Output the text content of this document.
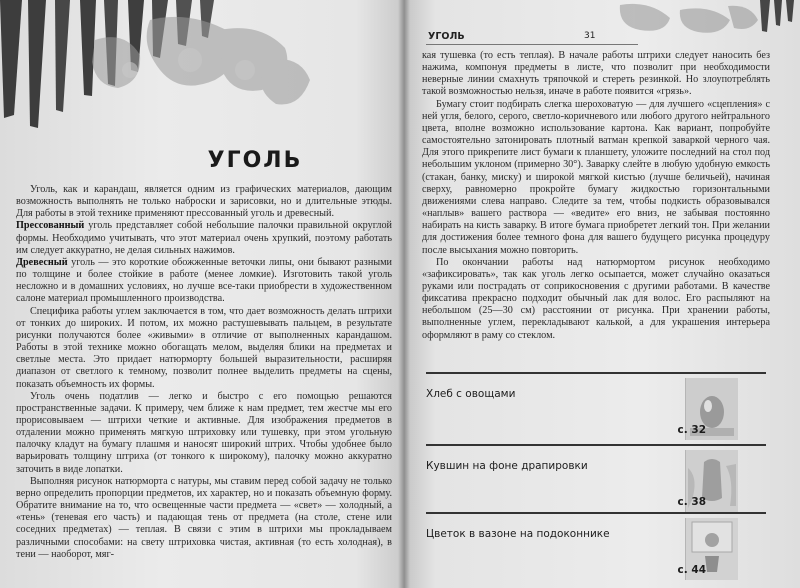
УГОЛЬ

Уголь, как и карандаш, является одним из графических материалов, дающим возможность выполнять не только наброски и зарисовки, но и длительные этюды. Для работы в этой технике применяют прессованный уголь и древесный.

Прессованный уголь представляет собой небольшие палочки правильной округлой формы. Необходимо учитывать, что этот материал очень хрупкий, поэтому работать им следует аккуратно, не делая сильных нажимов.

Древесный уголь — это короткие обожженные веточки липы, они бывают разными по толщине и более стойкие в работе (менее ломкие). Изготовить такой уголь несложно и в домашних условиях, но лучше все-таки приобрести в художественном салоне материал промышленного производства.

Специфика работы углем заключается в том, что дает возможность делать штрихи от тонких до широких. И потом, их можно растушевывать пальцем, в результате рисунки получаются более «живыми» в отличие от выполненных карандашом. Работы в этой технике можно обогащать мелом, выделяя блики на предметах и светлые места. Это придает натюрморту большей выразительности, расширяя диапазон от светлого к темному, позволит полнее выделить предметы на сцены, показать объемность их формы.

Уголь очень податлив — легко и быстро с его помощью решаются пространственные задачи. К примеру, чем ближе к нам предмет, тем жестче мы его прорисовываем — штрихи четкие и активные. Для изображения предметов в отдалении можно применять мягкую штриховку или тушевку, при этом угольную палочку кладут на бумагу плашмя и наносят широкий штрих. Чтобы удобнее было варьировать толщину штриха (от тонкого к широкому), палочку можно аккуратно заточить в виде лопатки.

Выполняя рисунок натюрморта с натуры, мы ставим перед собой задачу не только верно определить пропорции предметов, их характер, но и показать объемную форму. Обратите внимание на то, что освещенные части предмета — «свет» — холодный, а «тень» (теневая его часть) и падающая тень от предмета (на столе, стене или соседних предметах) — теплая. В связи с этим в штрихи мы прокладываем различными способами: на свету штриховка чистая, активная (то есть холодная), в тени — наоборот, мяг-

УГОЛЬ	31

кая тушевка (то есть теплая). В начале работы штрихи следует наносить без нажима, компонуя предметы в листе, что позволит при необходимости неверные линии смахнуть тряпочкой и стереть резинкой. Но злоупотреблять такой возможностью нельзя, иначе в работе появится «грязь».

Бумагу стоит подбирать слегка шероховатую — для лучшего «сцепления» с ней угля, белого, серого, светло-коричневого или любого другого нейтрального цвета, вполне возможно использование картона. Как вариант, попробуйте самостоятельно затонировать плотный ватман крепкой заваркой черного чая. Для этого прикрепите лист бумаги к планшету, уложите последний на стол под небольшим уклоном (примерно 30°). Заварку слейте в любую удобную емкость (стакан, банку, миску) и широкой мягкой кистью (лучше беличьей), начиная сверху, равномерно прокройте бумагу жидкостью горизонтальными движениями слева направо. Следите за тем, чтобы подкисть образовывался «наплыв» вашего раствора — «ведите» его вниз, не забывая постоянно набирать на кисть заварку. В итоге бумага приобретет легкий тон. При желании для достижения более темного фона для вашего будущего рисунка процедуру после высыхания можно повторить.

По окончании работы над натюрмортом рисунок необходимо «зафиксировать», так как уголь легко осыпается, может случайно оказаться руками или пострадать от соприкосновения с другими работами. В качестве фиксатива прекрасно подходит обычный лак для волос. Его распыляют на небольшом (25—30 см) расстоянии от рисунка. При хранении работы, выполненные углем, перекладывают калькой, а для украшения интерьера оформляют в раму со стеклом.

Хлеб с овощами
с. 32
Кувшин на фоне драпировки
с. 38
Цветок в вазоне на подоконнике
с. 44
